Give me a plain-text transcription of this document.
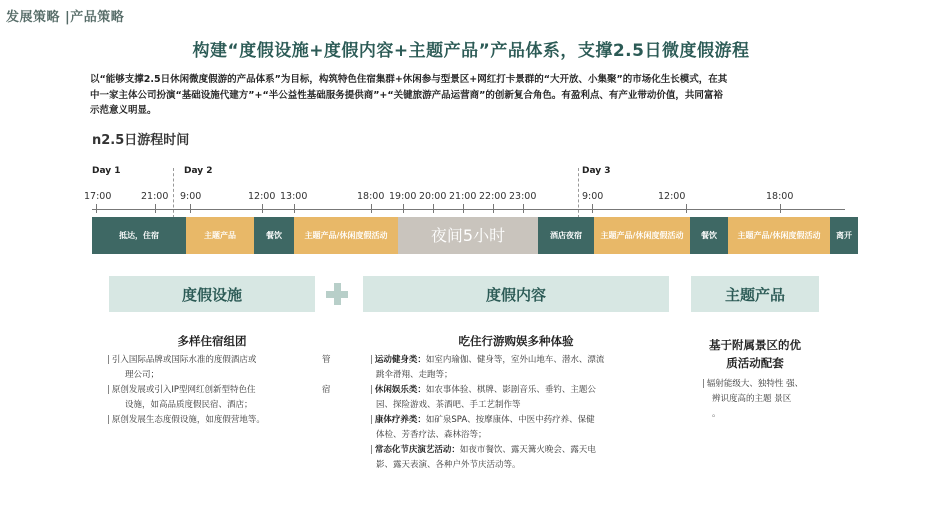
发展策略 |产品策略
构建“度假设施+度假内容+主题产品”产品体系，支撑2.5日微度假游程
以“能够支撑2.5日休闲微度假游的产品体系”为目标，构筑特色住宿集群+休闲参与型景区+网红打卡景群的“大开放、小集聚”的市场化生长模式，在其
中一家主体公司扮演“基础设施代建方”+“半公益性基础服务提供商”+“关键旅游产品运营商”的创新复合角色。有盈利点、有产业带动价值，共同富裕
示范意义明显。
n2.5日游程时间
Day 1	Day 2	Day 3
17:00	21:00 9:00	12:00 13:00	18:00 19:00 20:00 21:00 22:00 23:00	9:00	12:00	18:00
抵达，住宿	主题产品	餐饮	主题产品/休闲度假活动	夜间5小时	酒店夜宿	主题产品/休闲度假活动	餐饮	主题产品/休闲度假活动	离开
度假设施	度假内容	主题产品
多样住宿组团
| 引入国际品牌或国际水准的度假酒店或	管
理公司；
| 原创发展或引入IP型网红创新型特色住	宿
设施，如高品质度假民宿、酒店；
| 原创发展生态度假设施，如度假营地等。
吃住行游购娱多种体验
| 运动健身类：如室内瑜伽、健身等，室外山地车、潜水、漂流
跳伞滑翔、走跑等；
| 休闲娱乐类：如农事体验、棋牌、影剧音乐、垂钓、主题公
园、探险游戏、茶酒吧、手工艺制作等
| 康体疗养类：如矿泉SPA、按摩康体、中医中药疗养、保健
体检、芳香疗法、森林浴等；
| 常态化节庆演艺活动：如夜市餐饮、露天篝火晚会、露天电
影、露天表演、各种户外节庆活动等。
基于附属景区的优
质活动配套
| 辐射能级大、独特性 强、
辨识度高的主题 景区
。
